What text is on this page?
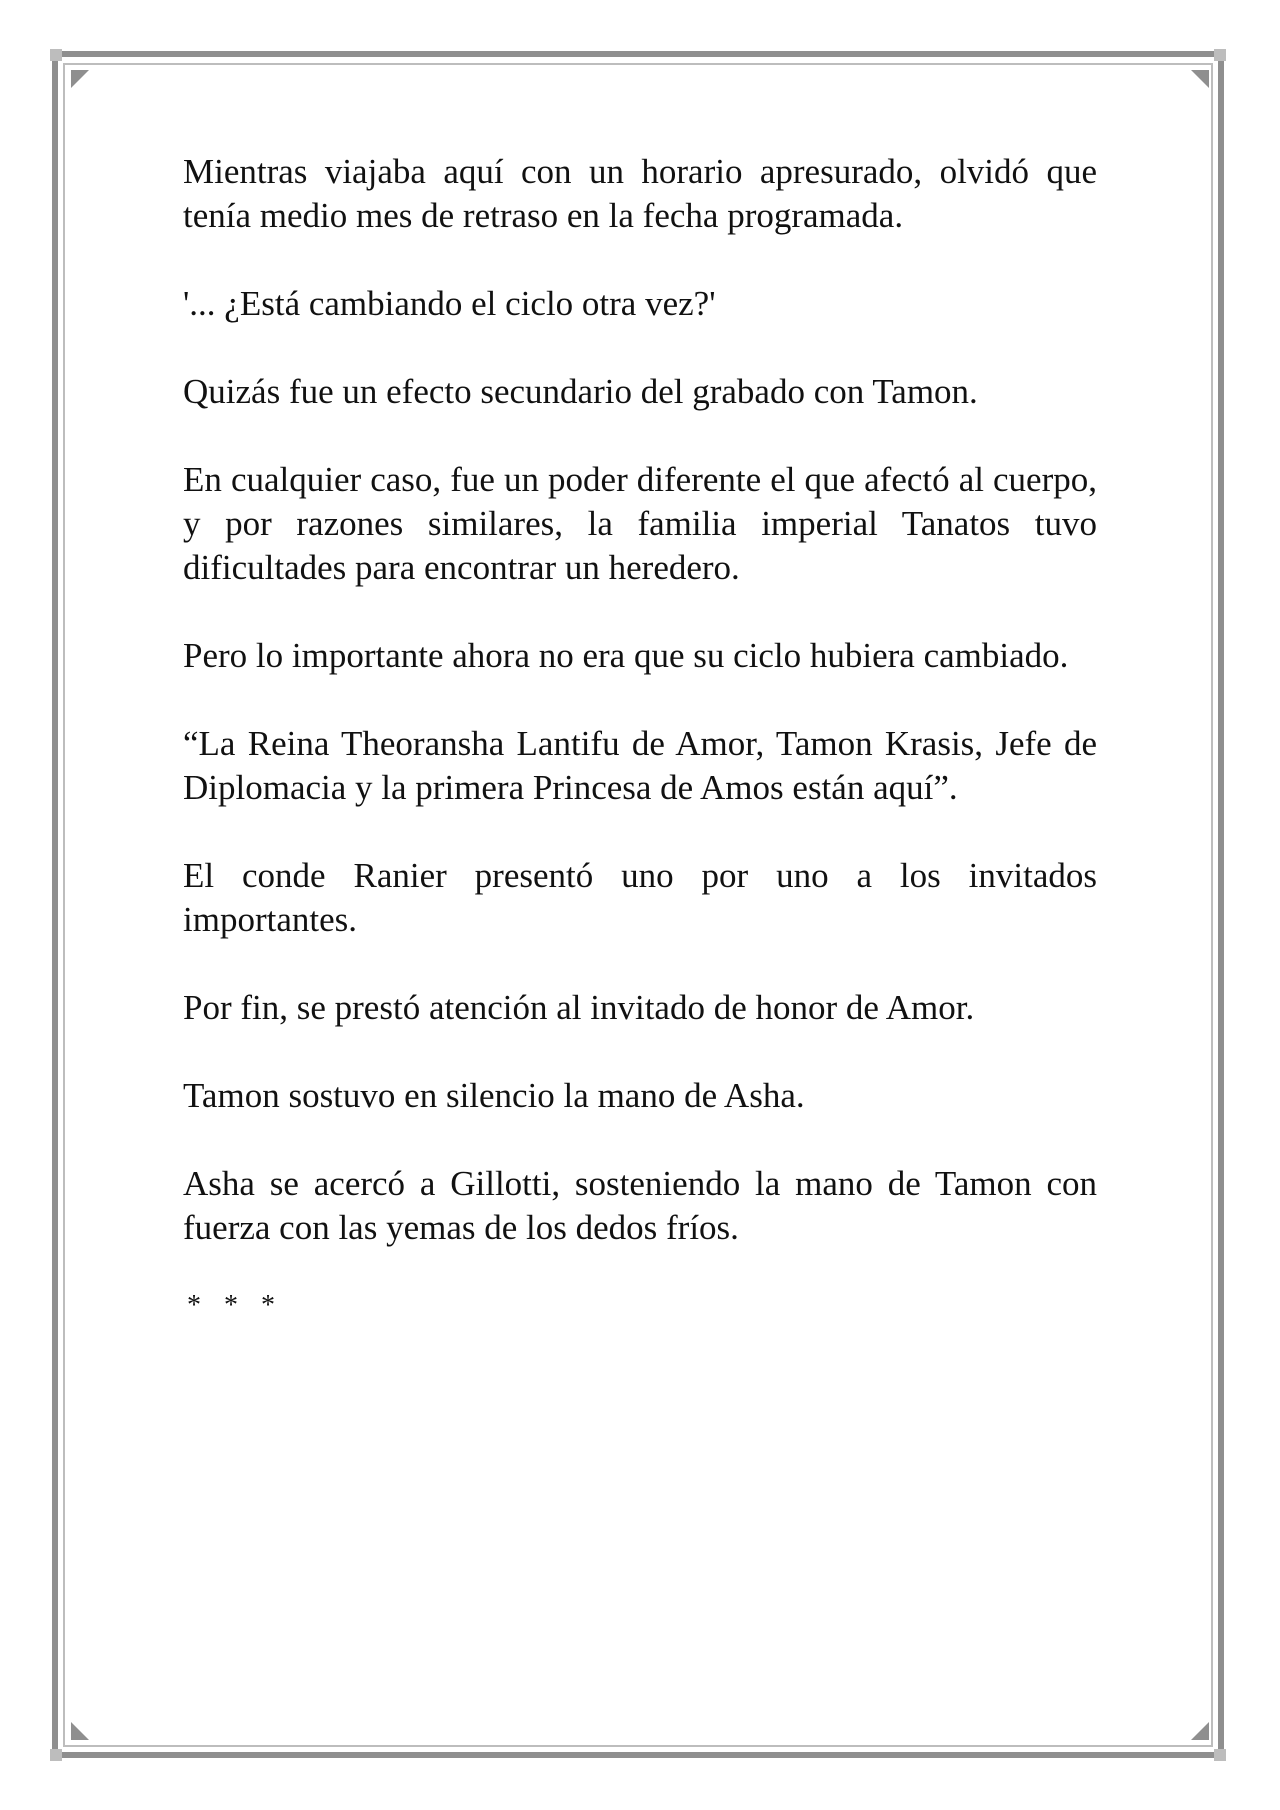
Mientras viajaba aquí con un horario apresurado, olvidó que tenía medio mes de retraso en la fecha programada.

'... ¿Está cambiando el ciclo otra vez?'

Quizás fue un efecto secundario del grabado con Tamon.

En cualquier caso, fue un poder diferente el que afectó al cuerpo, y por razones similares, la familia imperial Tanatos tuvo dificultades para encontrar un heredero.

Pero lo importante ahora no era que su ciclo hubiera cambiado.

“La Reina Theoransha Lantifu de Amor, Tamon Krasis, Jefe de Diplomacia y la primera Princesa de Amos están aquí”.

El conde Ranier presentó uno por uno a los invitados importantes.

Por fin, se prestó atención al invitado de honor de Amor.

Tamon sostuvo en silencio la mano de Asha.

Asha se acercó a Gillotti, sosteniendo la mano de Tamon con fuerza con las yemas de los dedos fríos.

* * *
